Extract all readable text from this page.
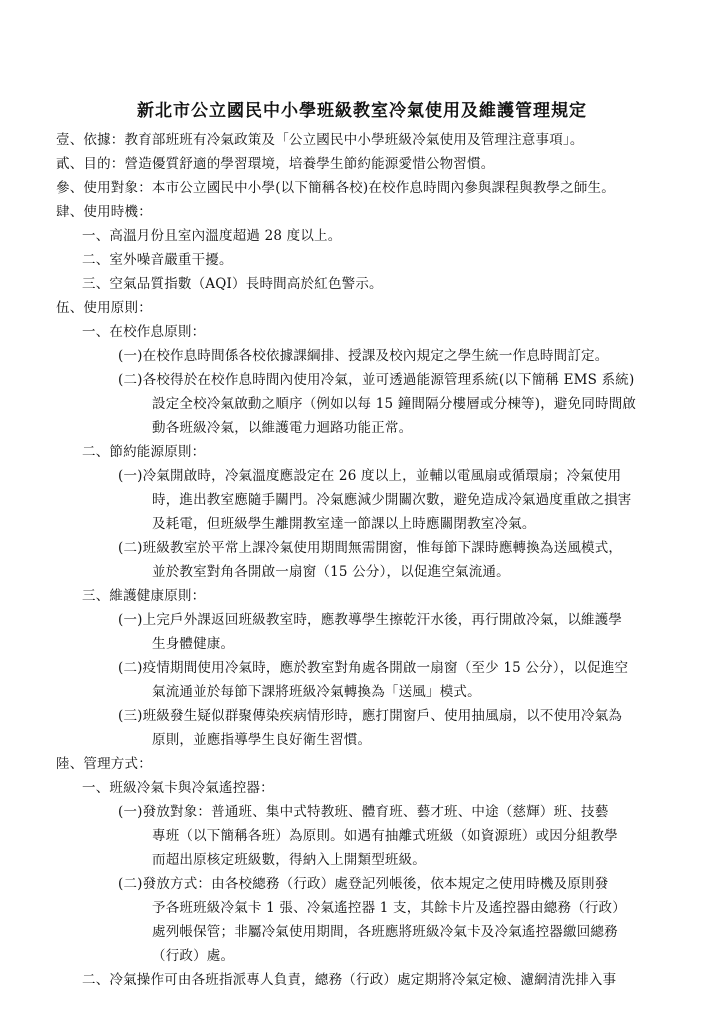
新北市公立國民中小學班級教室冷氣使用及維護管理規定
壹、依據：教育部班班有冷氣政策及「公立國民中小學班級冷氣使用及管理注意事項」。
貳、目的：營造優質舒適的學習環境，培養學生節約能源愛惜公物習慣。
參、使用對象：本市公立國民中小學(以下簡稱各校)在校作息時間內參與課程與教學之師生。
肆、使用時機：
一、高溫月份且室內溫度超過 28 度以上。
二、室外噪音嚴重干擾。
三、空氣品質指數（AQI）長時間高於紅色警示。
伍、使用原則：
一、在校作息原則：
(一)在校作息時間係各校依據課綱排、授課及校內規定之學生統一作息時間訂定。
(二)各校得於在校作息時間內使用冷氣，並可透過能源管理系統(以下簡稱 EMS 系統)
設定全校冷氣啟動之順序（例如以每 15 鐘間隔分樓層或分棟等)，避免同時間啟
動各班級冷氣，以維護電力迴路功能正常。
二、節約能源原則：
(一)冷氣開啟時，冷氣溫度應設定在 26 度以上，並輔以電風扇或循環扇；冷氣使用
時，進出教室應隨手關門。冷氣應減少開關次數，避免造成冷氣過度重啟之損害
及耗電，但班級學生離開教室達一節課以上時應關閉教室冷氣。
(二)班級教室於平常上課冷氣使用期間無需開窗，惟每節下課時應轉換為送風模式，
並於教室對角各開啟一扇窗（15 公分），以促進空氣流通。
三、維護健康原則：
(一)上完戶外課返回班級教室時，應教導學生擦乾汗水後，再行開啟冷氣，以維護學
生身體健康。
(二)疫情期間使用冷氣時，應於教室對角處各開啟一扇窗（至少 15 公分），以促進空
氣流通並於每節下課將班級冷氣轉換為「送風」模式。
(三)班級發生疑似群聚傳染疾病情形時，應打開窗戶、使用抽風扇，以不使用冷氣為
原則，並應指導學生良好衛生習慣。
陸、管理方式：
一、班級冷氣卡與冷氣遙控器：
(一)發放對象：普通班、集中式特教班、體育班、藝才班、中途（慈輝）班、技藝
專班（以下簡稱各班）為原則。如遇有抽離式班級（如資源班）或因分組教學
而超出原核定班級數，得納入上開類型班級。
(二)發放方式：由各校總務（行政）處登記列帳後，依本規定之使用時機及原則發
予各班班級冷氣卡 1 張、冷氣遙控器 1 支，其餘卡片及遙控器由總務（行政）
處列帳保管；非屬冷氣使用期間，各班應將班級冷氣卡及冷氣遙控器繳回總務
（行政）處。
二、冷氣操作可由各班指派專人負責，總務（行政）處定期將冷氣定檢、濾網清洗排入事
